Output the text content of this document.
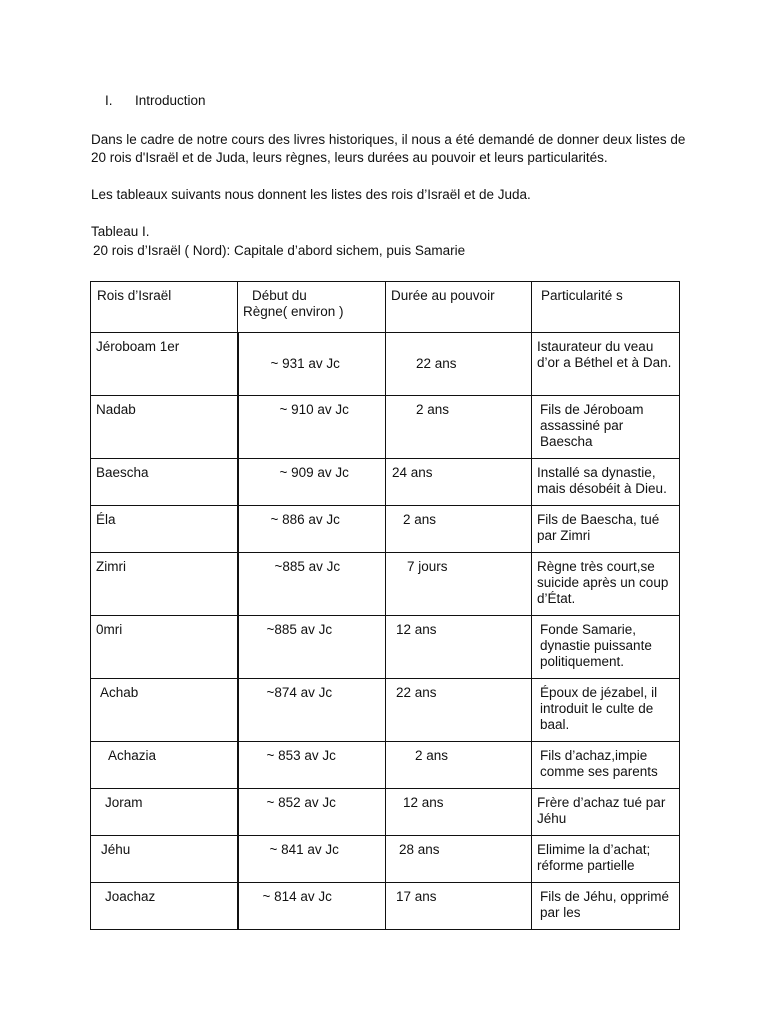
I. Introduction
Dans le cadre de notre cours des livres historiques, il nous a été demandé de donner deux listes de 20 rois d'Israël et de Juda, leurs règnes, leurs durées au pouvoir et leurs particularités.
Les tableaux suivants nous donnent les listes des rois d’Israël et de Juda.
Tableau I.
20 rois d’Israël ( Nord): Capitale d’abord sichem, puis Samarie
Rois d’Israël	Début du Règne( environ )	Durée au pouvoir	Particularité s
Jéroboam 1er	~ 931 av Jc	22 ans	Istaurateur du veau d’or a Béthel et à Dan.
Nadab	~ 910 av Jc	2 ans	Fils de Jéroboam assassiné par Baescha
Baescha	~ 909 av Jc	24 ans	Installé sa dynastie, mais désobéit à Dieu.
Éla	~ 886 av Jc	2 ans	Fils de Baescha, tué par Zimri
Zimri	~885 av Jc	7 jours	Règne très court,se suicide après un coup d’État.
0mri	~885 av Jc	12 ans	Fonde Samarie, dynastie puissante politiquement.
Achab	~874 av Jc	22 ans	Époux de jézabel, il introduit le culte de baal.
Achazia	~ 853 av Jc	2 ans	Fils d’achaz,impie comme ses parents
Joram	~ 852 av Jc	12 ans	Frère d’achaz tué par Jéhu
Jéhu	~ 841 av Jc	28 ans	Elimime la d’achat; réforme partielle
Joachaz	~ 814 av Jc	17 ans	Fils de Jéhu, opprimé par les
